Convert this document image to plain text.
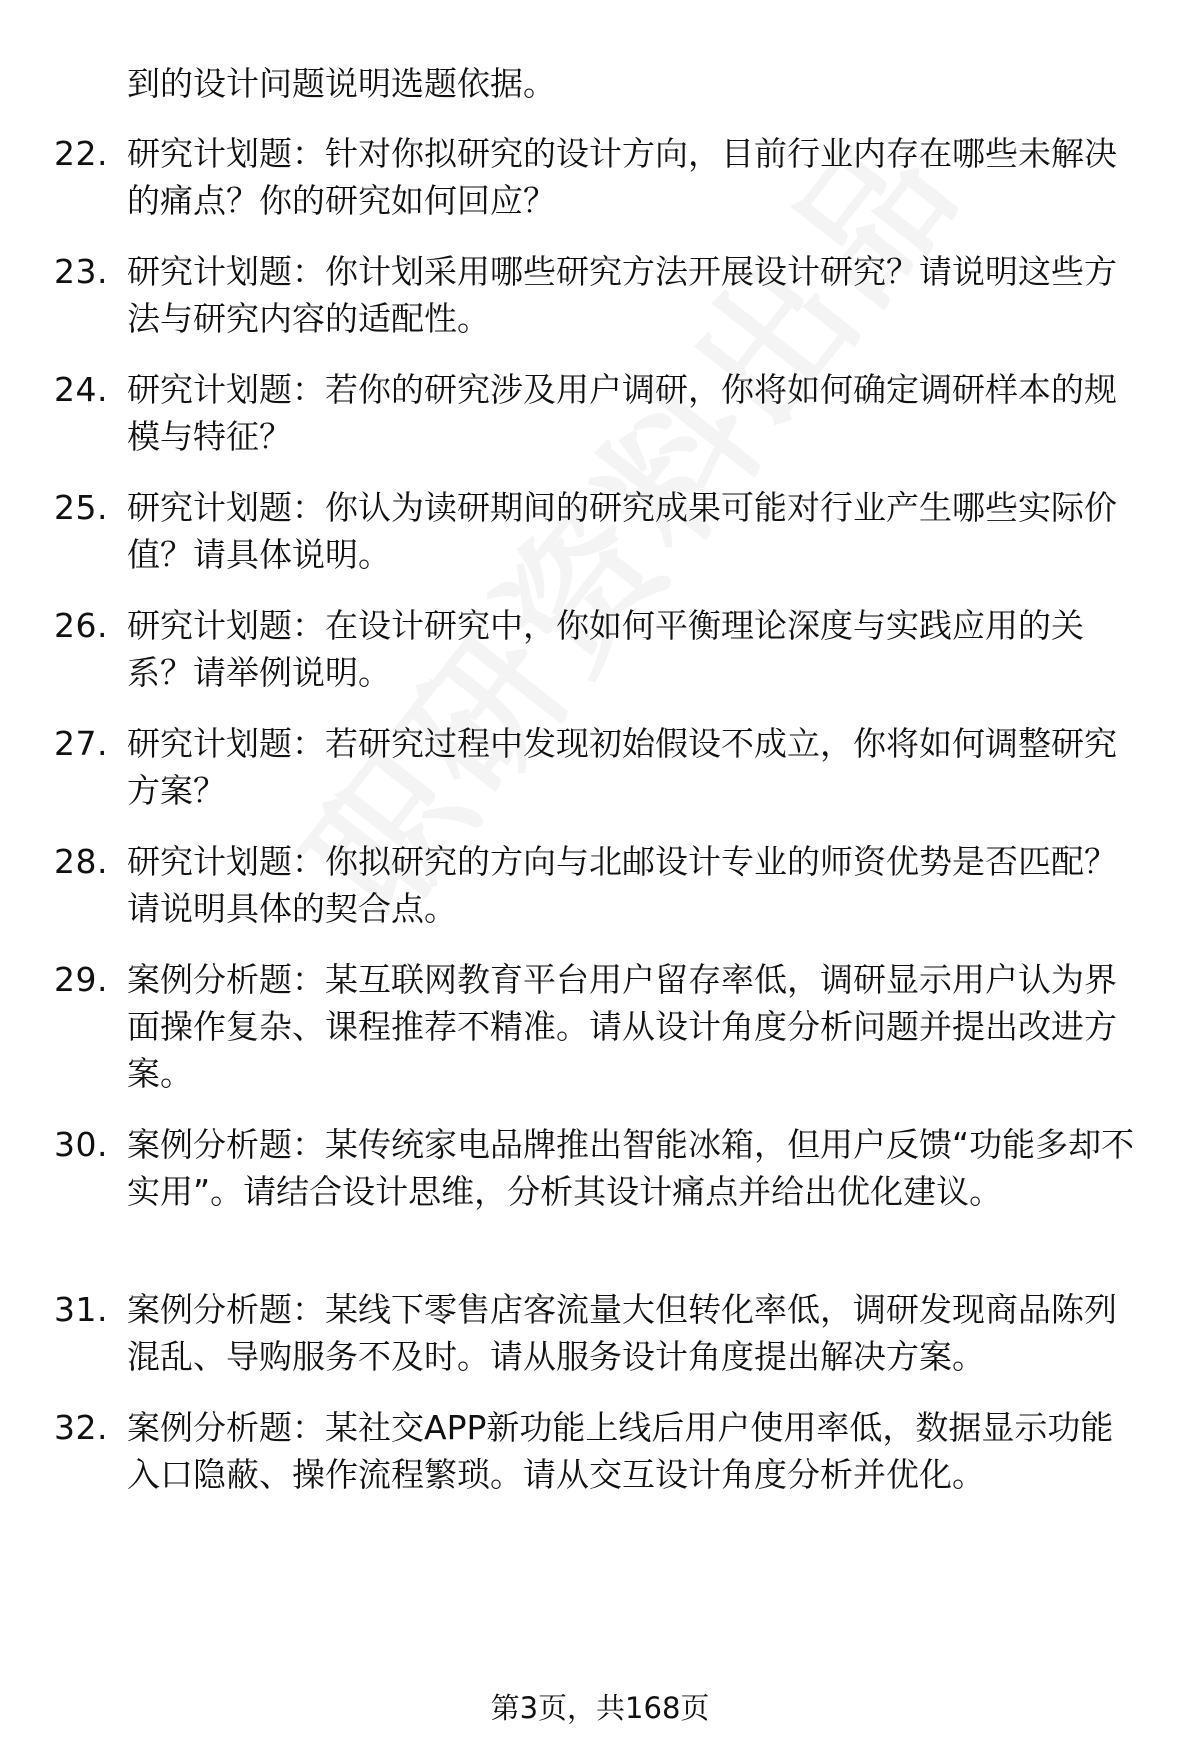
到的设计问题说明选题依据。
22. 研究计划题：针对你拟研究的设计方向，目前行业内存在哪些未解决的痛点？你的研究如何回应？
23. 研究计划题：你计划采用哪些研究方法开展设计研究？请说明这些方法与研究内容的适配性。
24. 研究计划题：若你的研究涉及用户调研，你将如何确定调研样本的规模与特征？
25. 研究计划题：你认为读研期间的研究成果可能对行业产生哪些实际价值？请具体说明。
26. 研究计划题：在设计研究中，你如何平衡理论深度与实践应用的关系？请举例说明。
27. 研究计划题：若研究过程中发现初始假设不成立，你将如何调整研究方案？
28. 研究计划题：你拟研究的方向与北邮设计专业的师资优势是否匹配？请说明具体的契合点。
29. 案例分析题：某互联网教育平台用户留存率低，调研显示用户认为界面操作复杂、课程推荐不精准。请从设计角度分析问题并提出改进方案。
30. 案例分析题：某传统家电品牌推出智能冰箱，但用户反馈“功能多却不实用”。请结合设计思维，分析其设计痛点并给出优化建议。
31. 案例分析题：某线下零售店客流量大但转化率低，调研发现商品陈列混乱、导购服务不及时。请从服务设计角度提出解决方案。
32. 案例分析题：某社交APP新功能上线后用户使用率低，数据显示功能入口隐蔽、操作流程繁琐。请从交互设计角度分析并优化。
第3页，共168页
